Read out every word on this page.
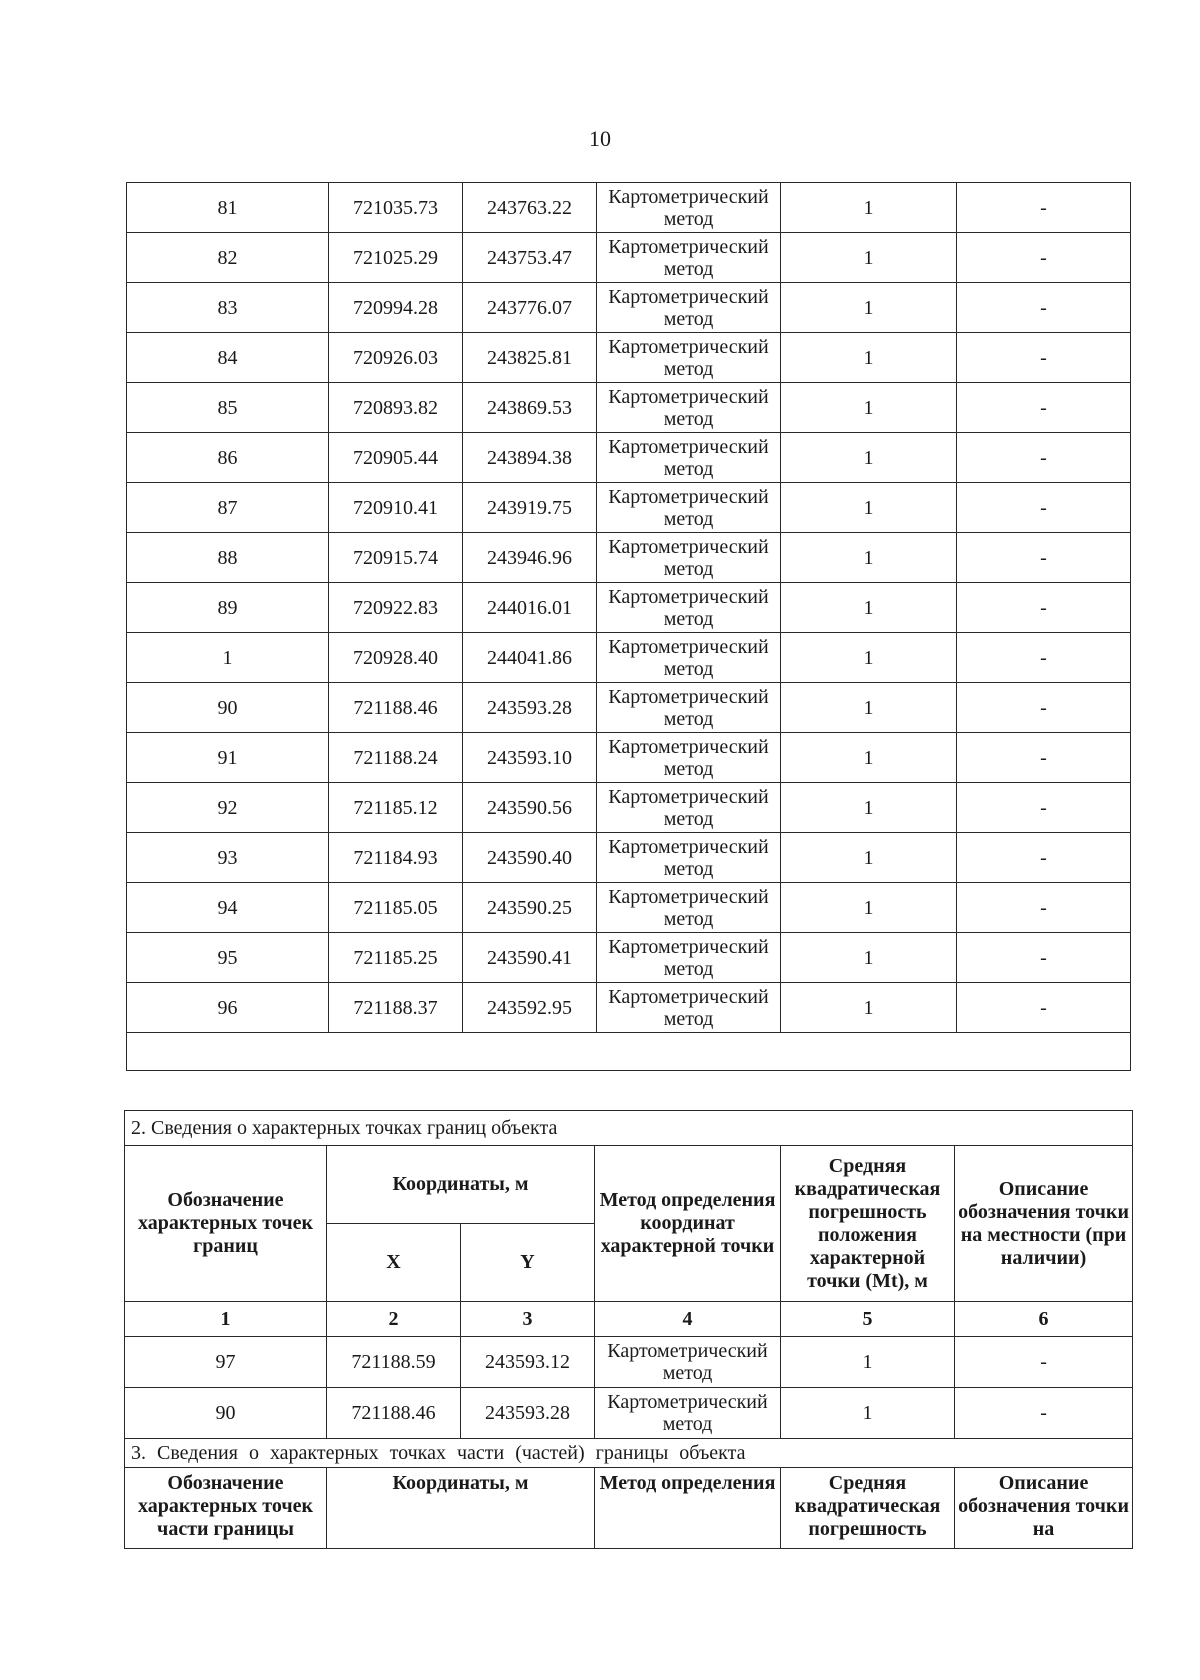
10
81	721035.73	243763.22	Картометрический метод	1	-
82	721025.29	243753.47	Картометрический метод	1	-
83	720994.28	243776.07	Картометрический метод	1	-
84	720926.03	243825.81	Картометрический метод	1	-
85	720893.82	243869.53	Картометрический метод	1	-
86	720905.44	243894.38	Картометрический метод	1	-
87	720910.41	243919.75	Картометрический метод	1	-
88	720915.74	243946.96	Картометрический метод	1	-
89	720922.83	244016.01	Картометрический метод	1	-
1	720928.40	244041.86	Картометрический метод	1	-
90	721188.46	243593.28	Картометрический метод	1	-
91	721188.24	243593.10	Картометрический метод	1	-
92	721185.12	243590.56	Картометрический метод	1	-
93	721184.93	243590.40	Картометрический метод	1	-
94	721185.05	243590.25	Картометрический метод	1	-
95	721185.25	243590.41	Картометрический метод	1	-
96	721188.37	243592.95	Картометрический метод	1	-

2. Сведения о характерных точках границ объекта					
Обозначение характерных точек границ	Координаты, м		Метод определения координат характерной точки	Средняя квадратическая погрешность положения характерной точки (Mt), м	Описание обозначения точки на местности (при наличии)
	X	Y			
1	2	3	4	5	6
97	721188.59	243593.12	Картометрический метод	1	-
90	721188.46	243593.28	Картометрический метод	1	-
3. Сведения о характерных точках части (частей) границы объекта					
Обозначение характерных точек части границы	Координаты, м		Метод определения	Средняя квадратическая погрешность	Описание обозначения точки на
